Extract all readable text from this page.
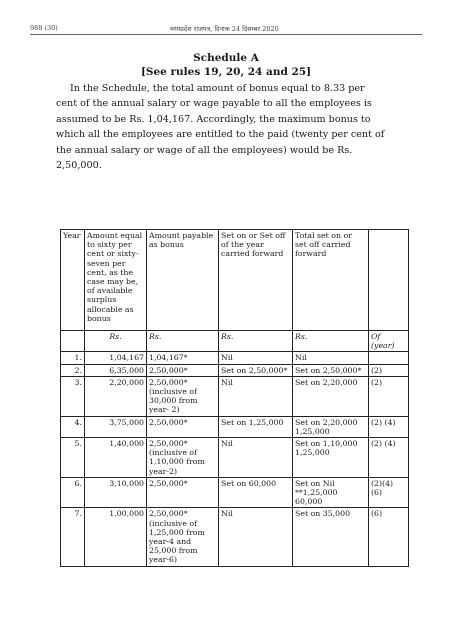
988 (30)	मध्यप्रदेश राजपत्र, दिनांक 24 दिसम्बर 2020
Schedule A
[See rules 19, 20, 24 and 25]
In the Schedule, the total amount of bonus equal to 8.33 per
cent of the annual salary or wage payable to all the employees is
assumed to be Rs. 1,04,167. Accordingly, the maximum bonus to
which all the employees are entitled to the paid (twenty per cent of
the annual salary or wage of all the employees) would be Rs.
2,50,000.
Year	Amount equal to sixty per cent or sixty-seven per cent, as the case may be, of available surplus allocable as bonus	Amount payable as bonus	Set on or Set off of the year carried forward	Total set on or set off carried forward	
	Rs.	Rs.	Rs.	Rs.	Of (year)
1.	1,04,167	1,04,167*	Nil	Nil	
2.	6,35,000	2,50,000*	Set on 2,50,000*	Set on 2,50,000*	(2)
3.	2,20,000	2,50,000* (inclusive of 30,000 from year- 2)	Nil	Set on 2,20,000	(2)
4.	3,75,000	2,50,000*	Set on 1,25,000	Set on 2,20,000 1,25,000	(2) (4)
5.	1,40,000	2,50,000* (inclusive of 1,10,000 from year-2)	Nil	Set on 1,10,000 1,25,000	(2) (4)
6.	3,10,000	2,50,000*	Set on 60,000	Set on Nil **1,25,000 60,000	(2)(4) (6)
7.	1,00,000	2,50,000* (inclusive of 1,25,000 from year-4 and 25,000 from year-6)	Nil	Set on 35,000	(6)
